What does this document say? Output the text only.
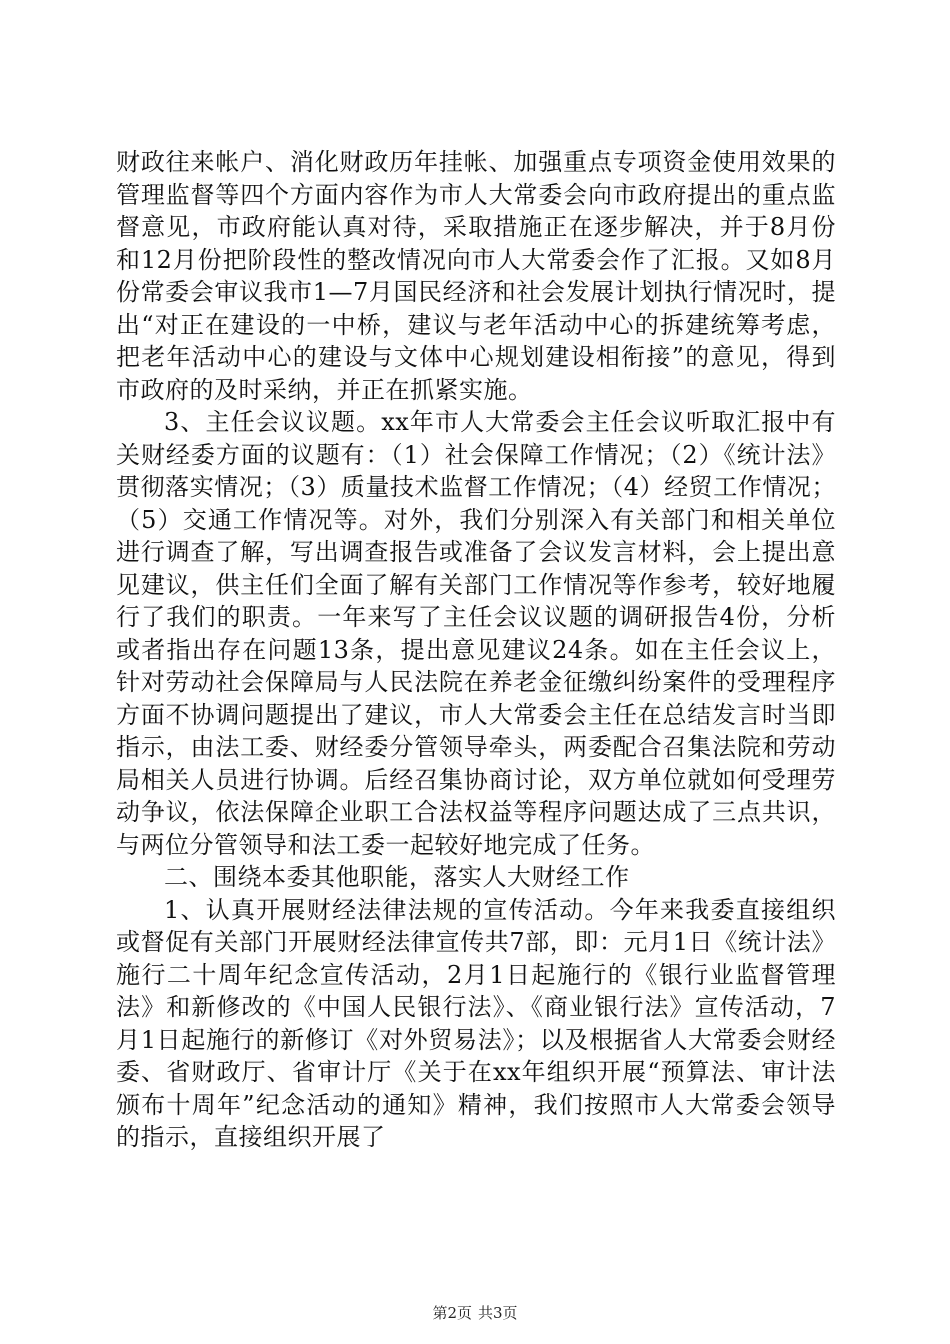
财政往来帐户、消化财政历年挂帐、加强重点专项资金使用效果的管理监督等四个方面内容作为市人大常委会向市政府提出的重点监督意见，市政府能认真对待，采取措施正在逐步解决，并于8月份和12月份把阶段性的整改情况向市人大常委会作了汇报。又如8月份常委会审议我市1—7月国民经济和社会发展计划执行情况时，提出“对正在建设的一中桥，建议与老年活动中心的拆建统筹考虑，把老年活动中心的建设与文体中心规划建设相衔接”的意见，得到市政府的及时采纳，并正在抓紧实施。

3、主任会议议题。xx年市人大常委会主任会议听取汇报中有关财经委方面的议题有：（1）社会保障工作情况；（2）《统计法》贯彻落实情况；（3）质量技术监督工作情况；（4）经贸工作情况；（5）交通工作情况等。对外，我们分别深入有关部门和相关单位进行调查了解，写出调查报告或准备了会议发言材料，会上提出意见建议，供主任们全面了解有关部门工作情况等作参考，较好地履行了我们的职责。一年来写了主任会议议题的调研报告4份，分析或者指出存在问题13条，提出意见建议24条。如在主任会议上，针对劳动社会保障局与人民法院在养老金征缴纠纷案件的受理程序方面不协调问题提出了建议，市人大常委会主任在总结发言时当即指示，由法工委、财经委分管领导牵头，两委配合召集法院和劳动局相关人员进行协调。后经召集协商讨论，双方单位就如何受理劳动争议，依法保障企业职工合法权益等程序问题达成了三点共识，与两位分管领导和法工委一起较好地完成了任务。

二、围绕本委其他职能，落实人大财经工作

1、认真开展财经法律法规的宣传活动。今年来我委直接组织或督促有关部门开展财经法律宣传共7部，即：元月1日《统计法》施行二十周年纪念宣传活动，2月1日起施行的《银行业监督管理法》和新修改的《中国人民银行法》、《商业银行法》宣传活动，7月1日起施行的新修订《对外贸易法》；以及根据省人大常委会财经委、省财政厅、省审计厅《关于在xx年组织开展“预算法、审计法颁布十周年”纪念活动的通知》精神，我们按照市人大常委会领导的指示，直接组织开展了

第2页 共3页
